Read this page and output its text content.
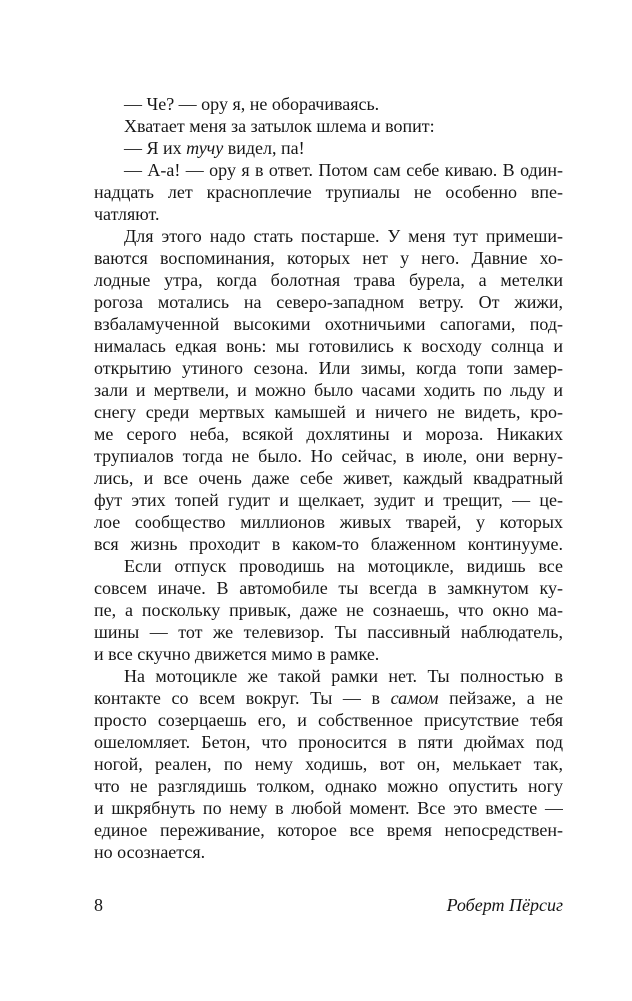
— Че? — ору я, не оборачиваясь.
Хватает меня за затылок шлема и вопит:
— Я их тучу видел, па!
— А-а! — ору я в ответ. Потом сам себе киваю. В один-
надцать лет красноплечие трупиалы не особенно впе-
чатляют.
Для этого надо стать постарше. У меня тут примеши-
ваются воспоминания, которых нет у него. Давние хо-
лодные утра, когда болотная трава бурела, а метелки
рогоза мотались на северо-западном ветру. От жижи,
взбаламученной высокими охотничьими сапогами, под-
нималась едкая вонь: мы готовились к восходу солнца и
открытию утиного сезона. Или зимы, когда топи замер-
зали и мертвели, и можно было часами ходить по льду и
снегу среди мертвых камышей и ничего не видеть, кро-
ме серого неба, всякой дохлятины и мороза. Никаких
трупиалов тогда не было. Но сейчас, в июле, они верну-
лись, и все очень даже себе живет, каждый квадратный
фут этих топей гудит и щелкает, зудит и трещит, — це-
лое сообщество миллионов живых тварей, у которых
вся жизнь проходит в каком-то блаженном континууме.
Если отпуск проводишь на мотоцикле, видишь все
совсем иначе. В автомобиле ты всегда в замкнутом ку-
пе, а поскольку привык, даже не сознаешь, что окно ма-
шины — тот же телевизор. Ты пассивный наблюдатель,
и все скучно движется мимо в рамке.
На мотоцикле же такой рамки нет. Ты полностью в
контакте со всем вокруг. Ты — в самом пейзаже, а не
просто созерцаешь его, и собственное присутствие тебя
ошеломляет. Бетон, что проносится в пяти дюймах под
ногой, реален, по нему ходишь, вот он, мелькает так,
что не разглядишь толком, однако можно опустить ногу
и шкрябнуть по нему в любой момент. Все это вместе —
единое переживание, которое все время непосредствен-
но осознается.
8	Роберт Пёрсиг
